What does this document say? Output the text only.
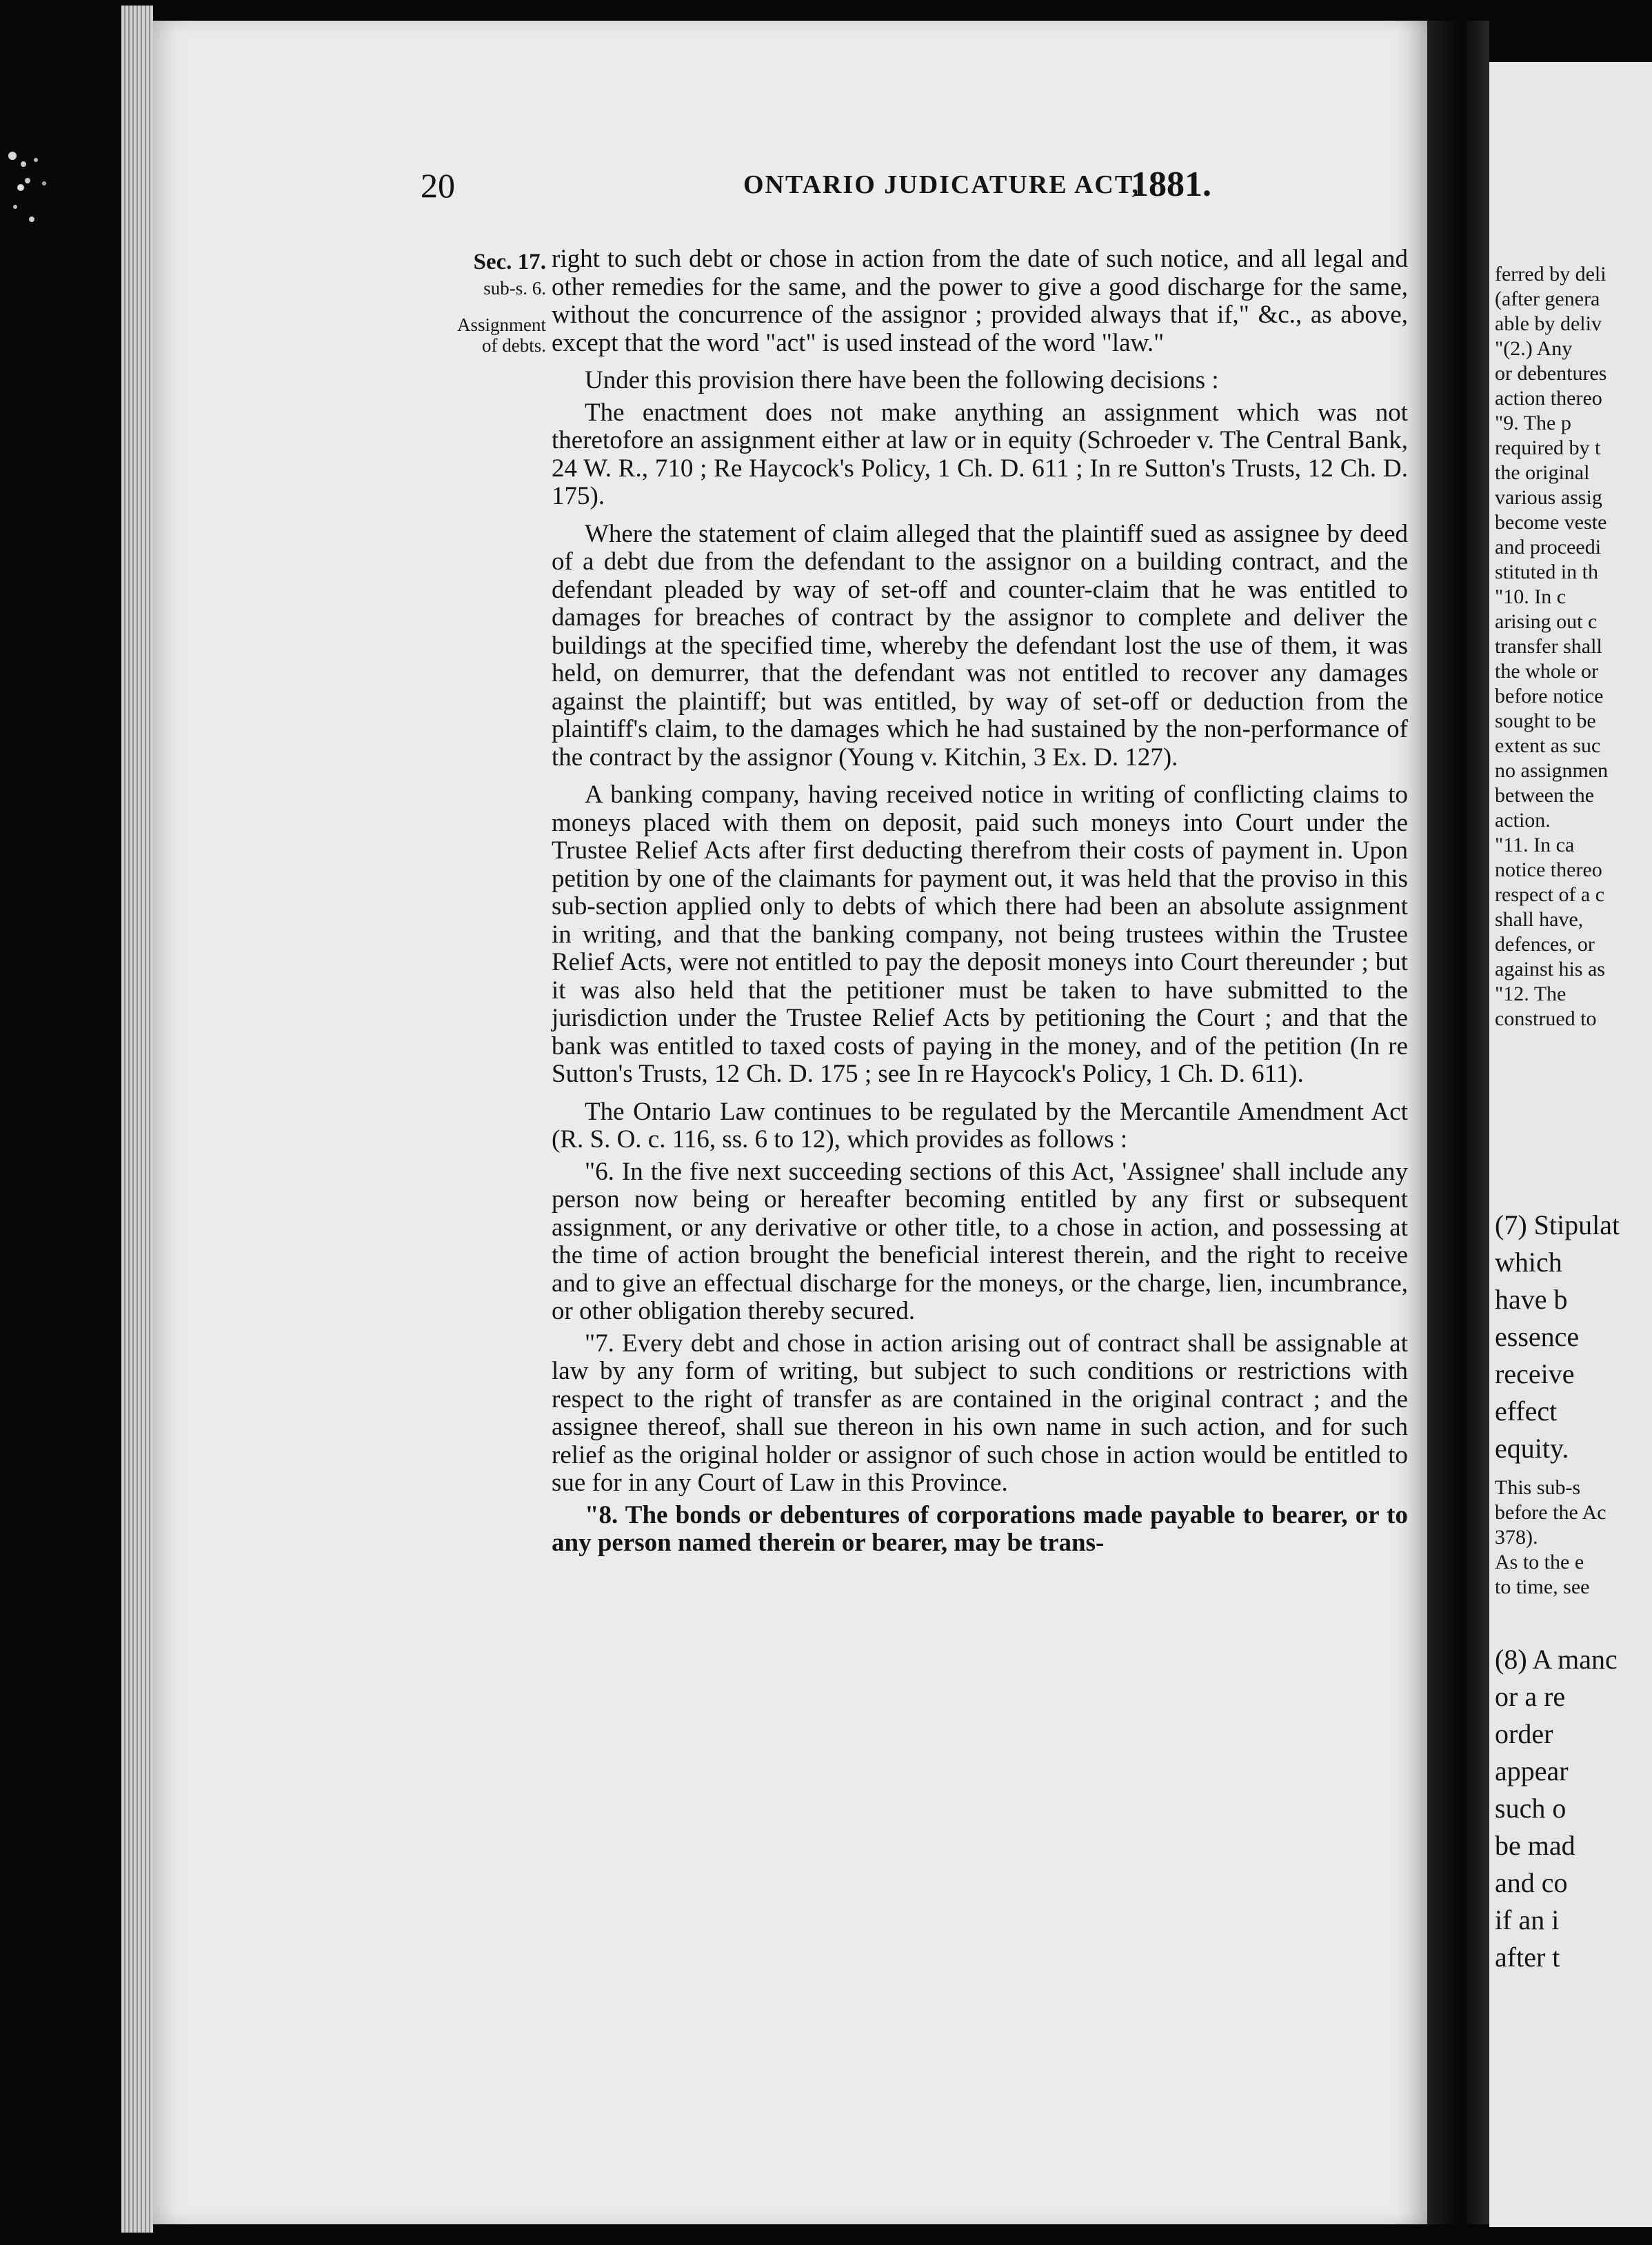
20	ONTARIO JUDICATURE ACT,
1881.
Sec. 17.
sub-s. 6.
Assignment
of debts.

right to such debt or chose in action from the date of such notice, and all legal and other remedies for the same, and the power to give a good discharge for the same, without the concurrence of the assignor ; provided always that if," &c., as above, except that the word "act" is used instead of the word "law."

Under this provision there have been the following decisions :

The enactment does not make anything an assignment which was not theretofore an assignment either at law or in equity (Schroeder v. The Central Bank, 24 W. R., 710 ; Re Haycock's Policy, 1 Ch. D. 611 ; In re Sutton's Trusts, 12 Ch. D. 175).

Where the statement of claim alleged that the plaintiff sued as assignee by deed of a debt due from the defendant to the assignor on a building contract, and the defendant pleaded by way of set-off and counter-claim that he was entitled to damages for breaches of contract by the assignor to complete and deliver the buildings at the specified time, whereby the defendant lost the use of them, it was held, on demurrer, that the defendant was not entitled to recover any damages against the plaintiff; but was entitled, by way of set-off or deduction from the plaintiff's claim, to the damages which he had sustained by the non-performance of the contract by the assignor (Young v. Kitchin, 3 Ex. D. 127).

A banking company, having received notice in writing of conflicting claims to moneys placed with them on deposit, paid such moneys into Court under the Trustee Relief Acts after first deducting therefrom their costs of payment in. Upon petition by one of the claimants for payment out, it was held that the proviso in this sub-section applied only to debts of which there had been an absolute assignment in writing, and that the banking company, not being trustees within the Trustee Relief Acts, were not entitled to pay the deposit moneys into Court thereunder ; but it was also held that the petitioner must be taken to have submitted to the jurisdiction under the Trustee Relief Acts by petitioning the Court ; and that the bank was entitled to taxed costs of paying in the money, and of the petition (In re Sutton's Trusts, 12 Ch. D. 175 ; see In re Haycock's Policy, 1 Ch. D. 611).

The Ontario Law continues to be regulated by the Mercantile Amendment Act (R. S. O. c. 116, ss. 6 to 12), which provides as follows :

"6. In the five next succeeding sections of this Act, 'Assignee' shall include any person now being or hereafter becoming entitled by any first or subsequent assignment, or any derivative or other title, to a chose in action, and possessing at the time of action brought the beneficial interest therein, and the right to receive and to give an effectual discharge for the moneys, or the charge, lien, incumbrance, or other obligation thereby secured.

"7. Every debt and chose in action arising out of contract shall be assignable at law by any form of writing, but subject to such conditions or restrictions with respect to the right of transfer as are contained in the original contract ; and the assignee thereof, shall sue thereon in his own name in such action, and for such relief as the original holder or assignor of such chose in action would be entitled to sue for in any Court of Law in this Province.

"8. The bonds or debentures of corporations made payable to bearer, or to any person named therein or bearer, may be trans-

ferred by deli
(after genera
able by deliv
"(2.) Any
or debentures
action thereo
"9. The p
required by t
the original
various assig
become veste
and proceedi
stituted in th
"10. In c
arising out c
transfer shall
the whole or
before notice
sought to be
extent as suc
no assignmen
between the
action.
"11. In ca
notice thereo
respect of a c
shall have,
defences, or
against his as
"12. The
construed to
(7) Stipulat
which
have b
essence
receive
effect
equity.
This sub-s
before the Ac
378).
As to the e
to time, see
(8) A manc
or a re
order
appear
such o
be mad
and co
if an i
after t
